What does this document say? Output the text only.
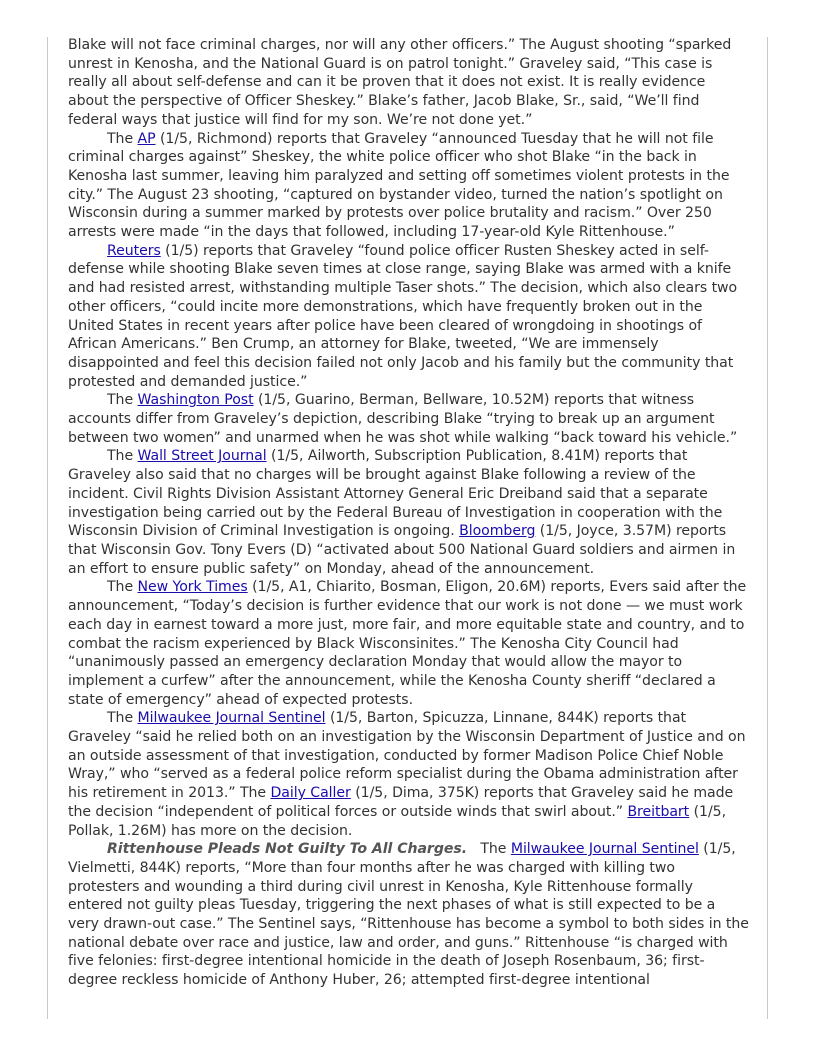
Blake will not face criminal charges, nor will any other officers.” The August shooting “sparked unrest in Kenosha, and the National Guard is on patrol tonight.” Graveley said, “This case is really all about self-defense and can it be proven that it does not exist. It is really evidence about the perspective of Officer Sheskey.” Blake’s father, Jacob Blake, Sr., said, “We’ll find federal ways that justice will find for my son. We’re not done yet.”

The AP (1/5, Richmond) reports that Graveley “announced Tuesday that he will not file criminal charges against” Sheskey, the white police officer who shot Blake “in the back in Kenosha last summer, leaving him paralyzed and setting off sometimes violent protests in the city.” The August 23 shooting, “captured on bystander video, turned the nation’s spotlight on Wisconsin during a summer marked by protests over police brutality and racism.” Over 250 arrests were made “in the days that followed, including 17-year-old Kyle Rittenhouse.”

Reuters (1/5) reports that Graveley “found police officer Rusten Sheskey acted in self-defense while shooting Blake seven times at close range, saying Blake was armed with a knife and had resisted arrest, withstanding multiple Taser shots.” The decision, which also clears two other officers, “could incite more demonstrations, which have frequently broken out in the United States in recent years after police have been cleared of wrongdoing in shootings of African Americans.” Ben Crump, an attorney for Blake, tweeted, “We are immensely disappointed and feel this decision failed not only Jacob and his family but the community that protested and demanded justice.”

The Washington Post (1/5, Guarino, Berman, Bellware, 10.52M) reports that witness accounts differ from Graveley’s depiction, describing Blake “trying to break up an argument between two women” and unarmed when he was shot while walking “back toward his vehicle.”

The Wall Street Journal (1/5, Ailworth, Subscription Publication, 8.41M) reports that Graveley also said that no charges will be brought against Blake following a review of the incident. Civil Rights Division Assistant Attorney General Eric Dreiband said that a separate investigation being carried out by the Federal Bureau of Investigation in cooperation with the Wisconsin Division of Criminal Investigation is ongoing. Bloomberg (1/5, Joyce, 3.57M) reports that Wisconsin Gov. Tony Evers (D) “activated about 500 National Guard soldiers and airmen in an effort to ensure public safety” on Monday, ahead of the announcement.

The New York Times (1/5, A1, Chiarito, Bosman, Eligon, 20.6M) reports, Evers said after the announcement, “Today’s decision is further evidence that our work is not done — we must work each day in earnest toward a more just, more fair, and more equitable state and country, and to combat the racism experienced by Black Wisconsinites.” The Kenosha City Council had “unanimously passed an emergency declaration Monday that would allow the mayor to implement a curfew” after the announcement, while the Kenosha County sheriff “declared a state of emergency” ahead of expected protests.

The Milwaukee Journal Sentinel (1/5, Barton, Spicuzza, Linnane, 844K) reports that Graveley “said he relied both on an investigation by the Wisconsin Department of Justice and on an outside assessment of that investigation, conducted by former Madison Police Chief Noble Wray,” who “served as a federal police reform specialist during the Obama administration after his retirement in 2013.” The Daily Caller (1/5, Dima, 375K) reports that Graveley said he made the decision “independent of political forces or outside winds that swirl about.” Breitbart (1/5, Pollak, 1.26M) has more on the decision.

Rittenhouse Pleads Not Guilty To All Charges.   The Milwaukee Journal Sentinel (1/5, Vielmetti, 844K) reports, “More than four months after he was charged with killing two protesters and wounding a third during civil unrest in Kenosha, Kyle Rittenhouse formally entered not guilty pleas Tuesday, triggering the next phases of what is still expected to be a very drawn-out case.” The Sentinel says, “Rittenhouse has become a symbol to both sides in the national debate over race and justice, law and order, and guns.” Rittenhouse “is charged with five felonies: first-degree intentional homicide in the death of Joseph Rosenbaum, 36; first-degree reckless homicide of Anthony Huber, 26; attempted first-degree intentional
